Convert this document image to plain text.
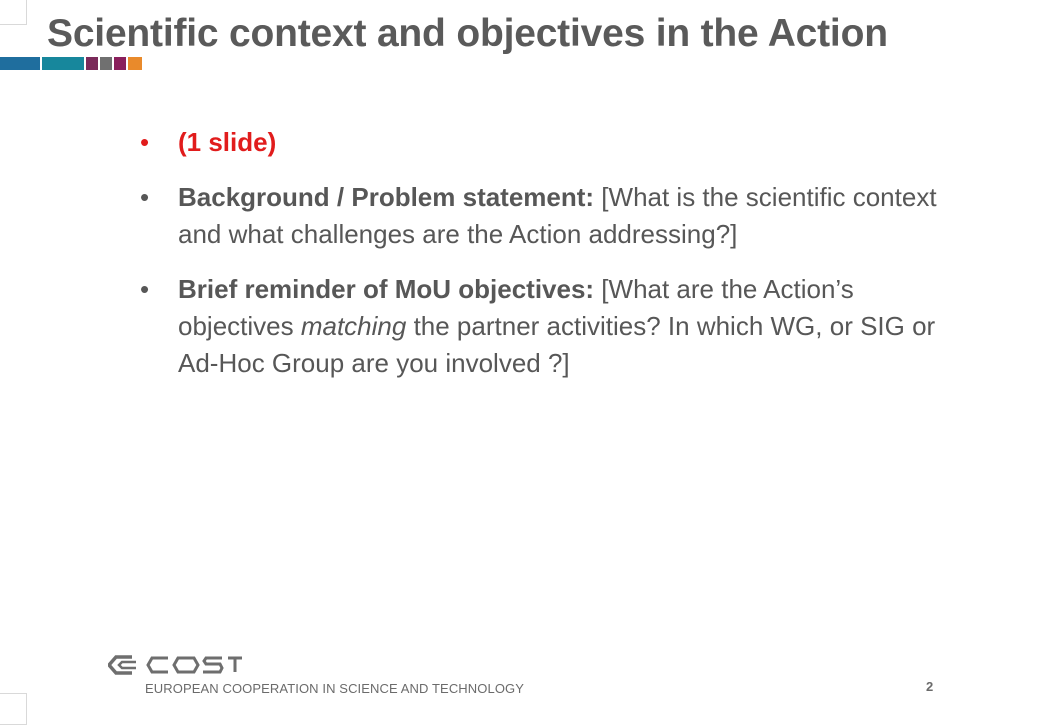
Scientific context and objectives in the Action
• (1 slide)
• Background / Problem statement: [What is the scientific context and what challenges are the Action addressing?]
• Brief reminder of MoU objectives: [What are the Action’s objectives matching the partner activities? In which WG, or SIG or Ad-Hoc Group are you involved ?]
EUROPEAN COOPERATION IN SCIENCE AND TECHNOLOGY	2
